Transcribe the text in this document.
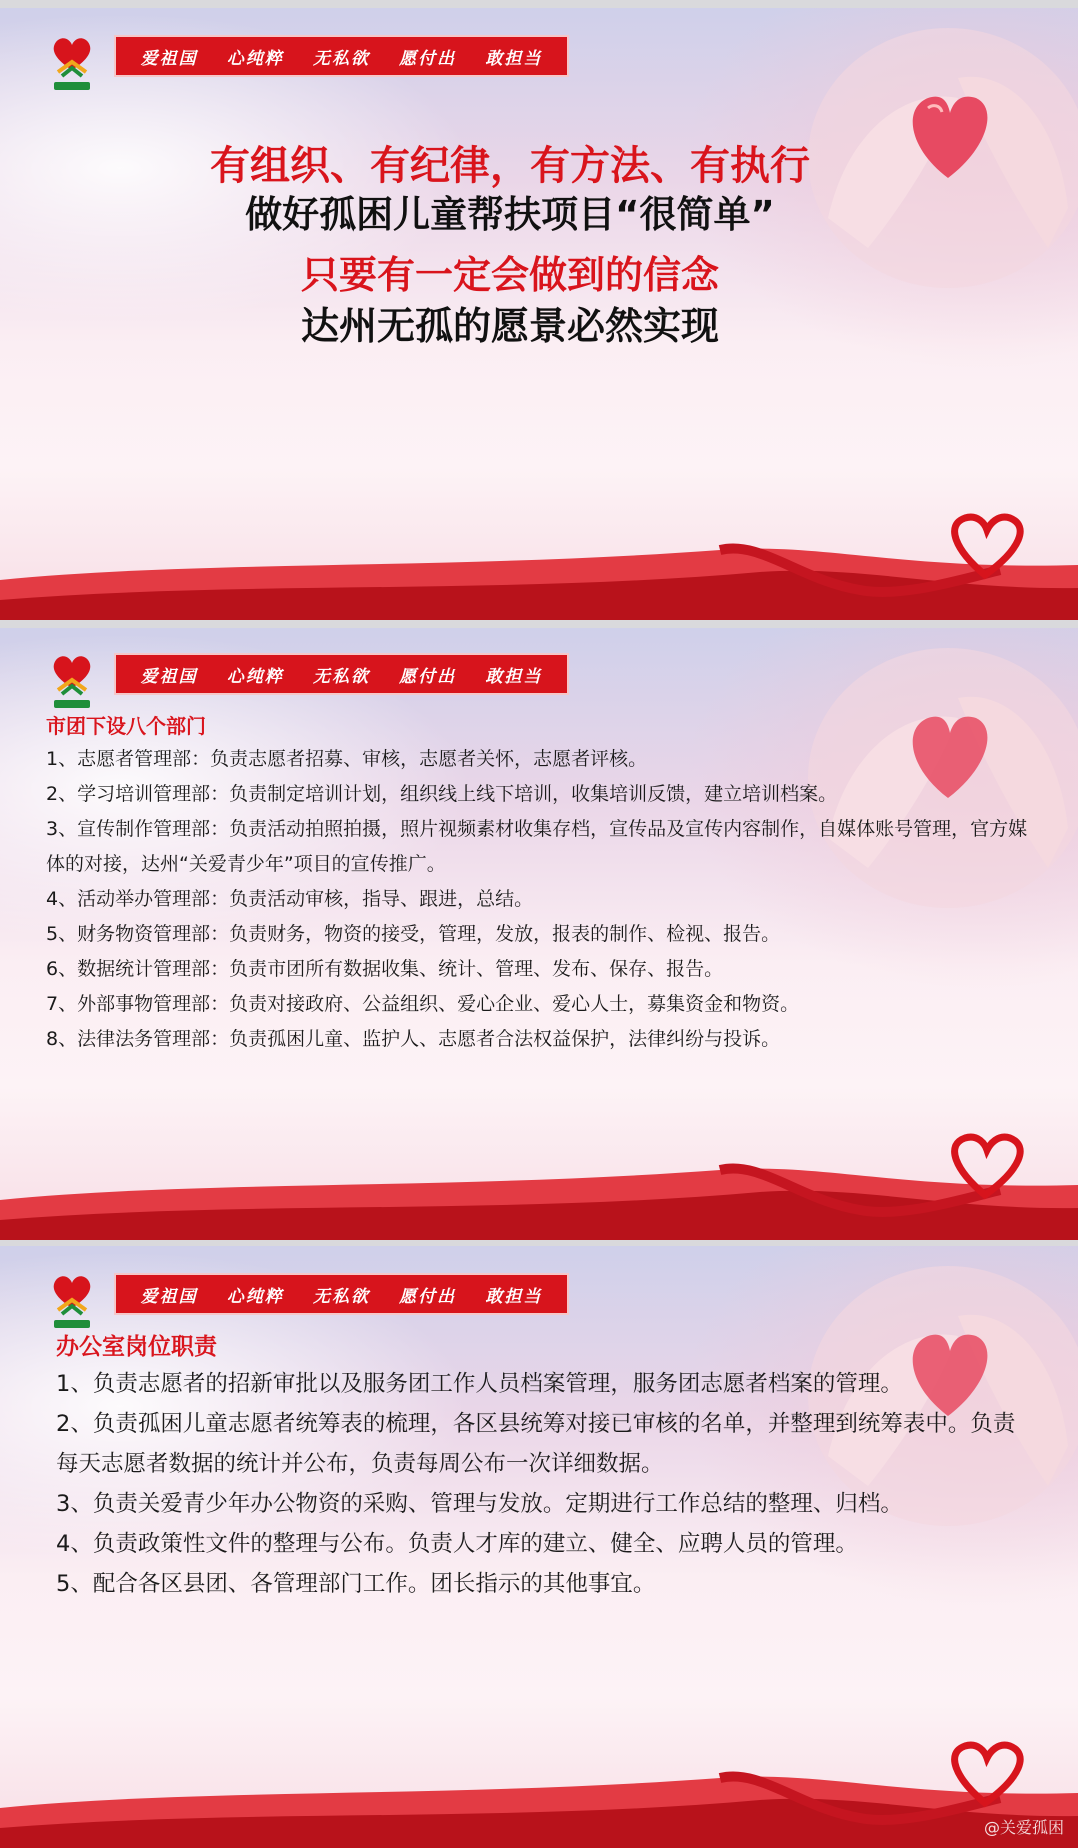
爱祖国 心纯粹 无私欲 愿付出 敢担当
有组织、有纪律，有方法、有执行
做好孤困儿童帮扶项目“很简单”
只要有一定会做到的信念
达州无孤的愿景必然实现
爱祖国 心纯粹 无私欲 愿付出 敢担当
市团下设八个部门
1、志愿者管理部：负责志愿者招募、审核，志愿者关怀，志愿者评核。
2、学习培训管理部：负责制定培训计划，组织线上线下培训，收集培训反馈，建立培训档案。
3、宣传制作管理部：负责活动拍照拍摄，照片视频素材收集存档，宣传品及宣传内容制作，自媒体账号管理，官方媒体的对接，达州“关爱青少年”项目的宣传推广。
4、活动举办管理部：负责活动审核，指导、跟进，总结。
5、财务物资管理部：负责财务，物资的接受，管理，发放，报表的制作、检视、报告。
6、数据统计管理部：负责市团所有数据收集、统计、管理、发布、保存、报告。
7、外部事物管理部：负责对接政府、公益组织、爱心企业、爱心人士，募集资金和物资。
8、法律法务管理部：负责孤困儿童、监护人、志愿者合法权益保护，法律纠纷与投诉。
爱祖国 心纯粹 无私欲 愿付出 敢担当
办公室岗位职责
1、负责志愿者的招新审批以及服务团工作人员档案管理，服务团志愿者档案的管理。
2、负责孤困儿童志愿者统筹表的梳理，各区县统筹对接已审核的名单，并整理到统筹表中。负责每天志愿者数据的统计并公布，负责每周公布一次详细数据。
3、负责关爱青少年办公物资的采购、管理与发放。定期进行工作总结的整理、归档。
4、负责政策性文件的整理与公布。负责人才库的建立、健全、应聘人员的管理。
5、配合各区县团、各管理部门工作。团长指示的其他事宜。
@关爱孤困
